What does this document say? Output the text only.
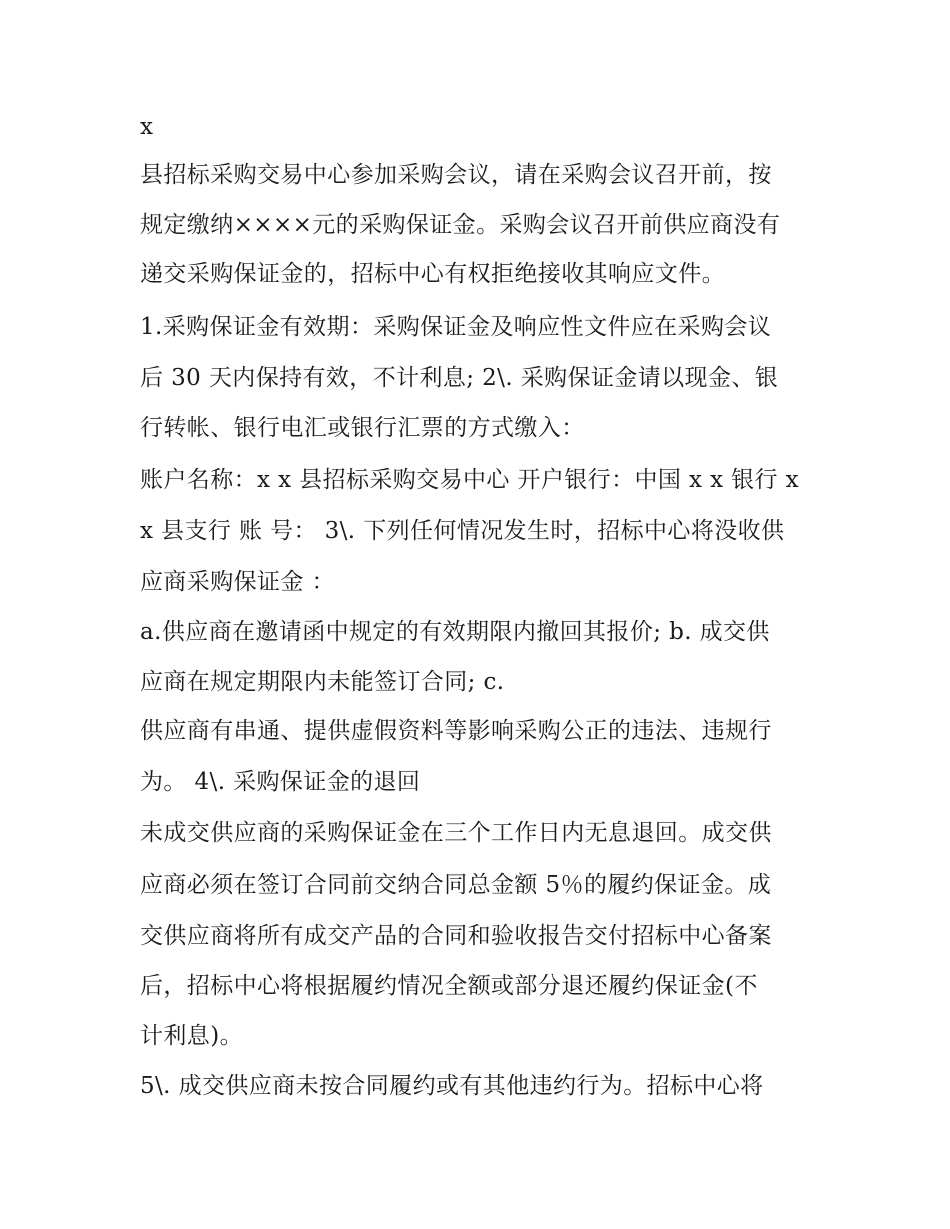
x
县招标采购交易中心参加采购会议，请在采购会议召开前，按
规定缴纳××××元的采购保证金。采购会议召开前供应商没有
递交采购保证金的，招标中心有权拒绝接收其响应文件。
1.采购保证金有效期：采购保证金及响应性文件应在采购会议
后 30 天内保持有效，不计利息; 2\. 采购保证金请以现金、银
行转帐、银行电汇或银行汇票的方式缴入：
账户名称：x x 县招标采购交易中心 开户银行：中国 x x 银行 x
x 县支行 账 号： 3\. 下列任何情况发生时，招标中心将没收供
应商采购保证金 ：
a.供应商在邀请函中规定的有效期限内撤回其报价; b. 成交供
应商在规定期限内未能签订合同; c.
供应商有串通、提供虚假资料等影响采购公正的违法、违规行
为。 4\. 采购保证金的退回
未成交供应商的采购保证金在三个工作日内无息退回。成交供
应商必须在签订合同前交纳合同总金额 5％的履约保证金。成
交供应商将所有成交产品的合同和验收报告交付招标中心备案
后，招标中心将根据履约情况全额或部分退还履约保证金(不
计利息)。
5\. 成交供应商未按合同履约或有其他违约行为。招标中心将
